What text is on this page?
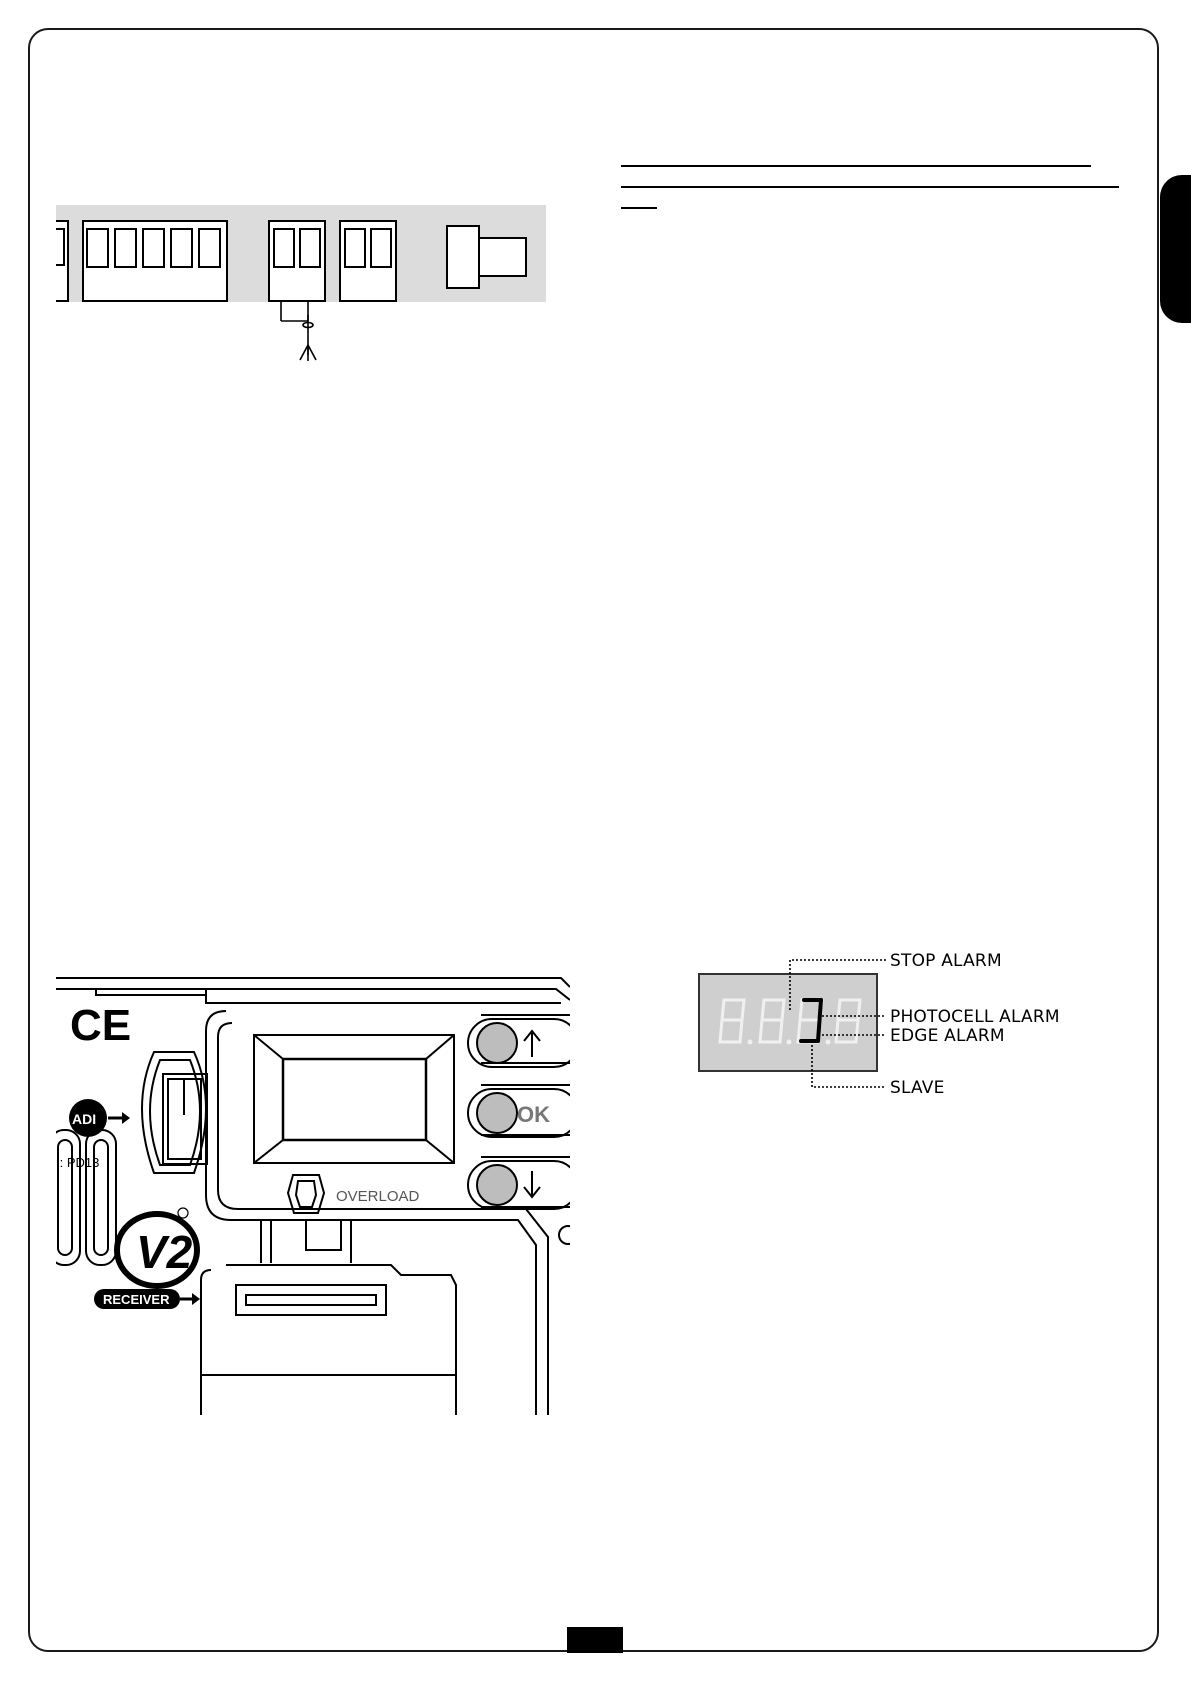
STOP ALARM
PHOTOCELL ALARM
EDGE ALARM
SLAVE
OK
OVERLOAD
CE
ADI
I: PD13
V2
RECEIVER
